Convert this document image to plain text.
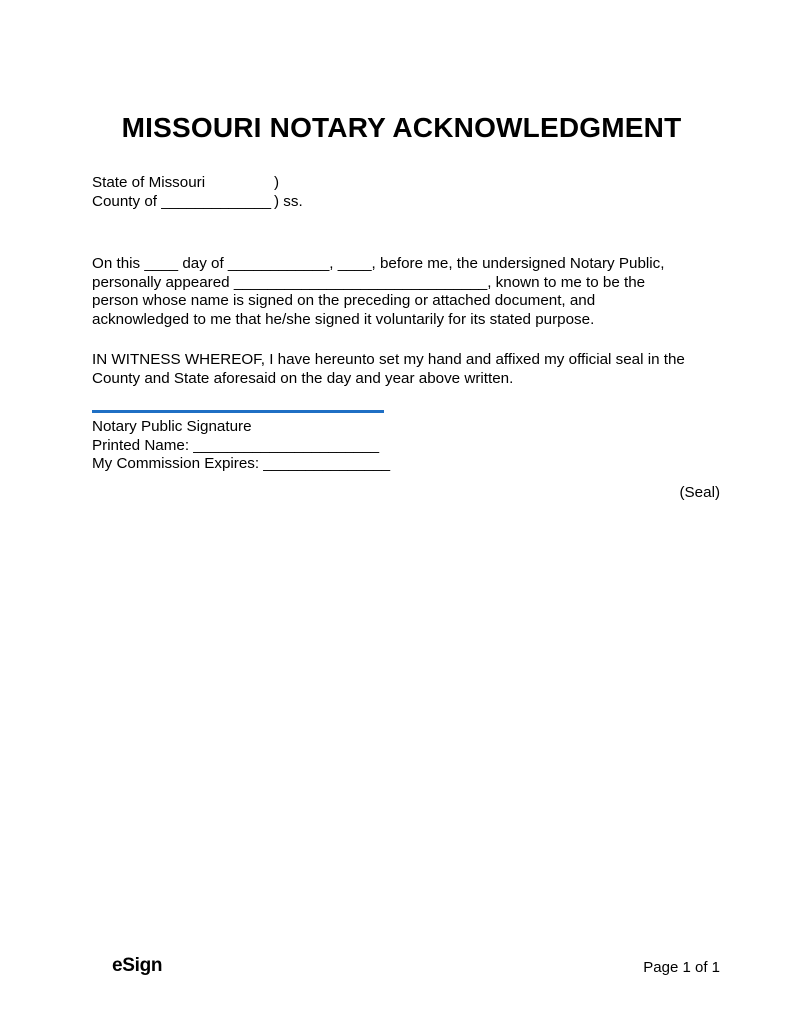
MISSOURI NOTARY ACKNOWLEDGMENT
State of Missouri	)
County of _____________ ) ss.

On this ____ day of ____________, ____, before me, the undersigned Notary Public, personally appeared ______________________________, known to me to be the person whose name is signed on the preceding or attached document, and acknowledged to me that he/she signed it voluntarily for its stated purpose.

IN WITNESS WHEREOF, I have hereunto set my hand and affixed my official seal in the County and State aforesaid on the day and year above written.

Notary Public Signature
Printed Name: ______________________
My Commission Expires: _______________
(Seal)
eSign	Page 1 of 1
